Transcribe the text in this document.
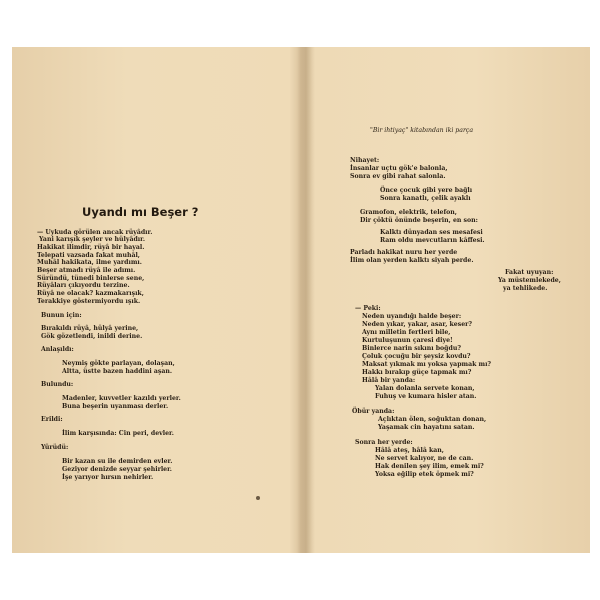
Uyandı mı Beşer ?
— Uykuda görülen ancak rüyâdır.
Yani karışık şeyler ve hülyâdır.
Hakikat ilimdir, rüyâ bir hayal.
Telepati vazsada fakat muhâl,
Muhâl hakikata, ilme yardımı.
Beşer atmadı rüyâ ile adımı.
Süründü, tünedi binlerse sene,
Rüyâları çıkıyordu terzine.
Rüyâ ne olacak? kazmakarışık,
Terakkiye göstermiyordu ışık.
Bunun için:
Bırakıldı rüyâ, hülyâ yerine,
Gök gözetlendi, inildi derine.
Anlaşıldı:
Neymiş gökte parlayan, dolaşan,
Altta, üstte bazen haddini aşan.
Bulundu:
Madenler, kuvvetler kazıldı yerler.
Buna beşerin uyanması derler.
Erildi:
İlim karşısında: Cin peri, devler.
Yürüdü:
Bir kazan su ile demirden evler.
Geziyor denizde seyyar şehirler.
İşe yarıyor hırsın nehirler.
"Bir ihtiyaç" kitabından iki parça
Nihayet:
İnsanlar uçtu gök'e balonla,
Sonra ev gibi rahat salonla.
Önce çocuk gibi yere bağlı
Sonra kanatlı, çelik ayaklı
Gramofon, elektrik, telefon,
Dir çöktü önünde beşerin, en son:
Kalktı dünyadan ses mesafesi
Ram oldu mevcutların kâffesi.
Parladı hakikat nuru her yerde
İlim olan yerden kalktı siyah perde.
Fakat uyuyan:
Ya müstemlekede,
ya tehlikede.
— Peki:
Neden uyandığı halde beşer:
Neden yıkar, yakar, asar, keser?
Aynı milletin fertleri bile,
Kurtuluşunun çaresi diye!
Binlerce narin sıkını boğdu?
Çoluk çocuğu bir şeysiz kovdu?
Maksat yıkmak mı yoksa yapmak mı?
Hakkı bırakıp güçe tapmak mı?
Hâlâ bir yanda:
Yalan dolanla servete konan,
Fuhuş ve kumara hisler atan.
Öbür yanda:
Açlıktan ölen, soğuktan donan,
Yaşamak cin hayatını satan.
Sonra her yerde:
Hâlâ ateş, hâlâ kan,
Ne servet kalıyor, ne de can.
Hak denilen şey ilim, emek mi?
Yoksa eğilip etek öpmek mi?
